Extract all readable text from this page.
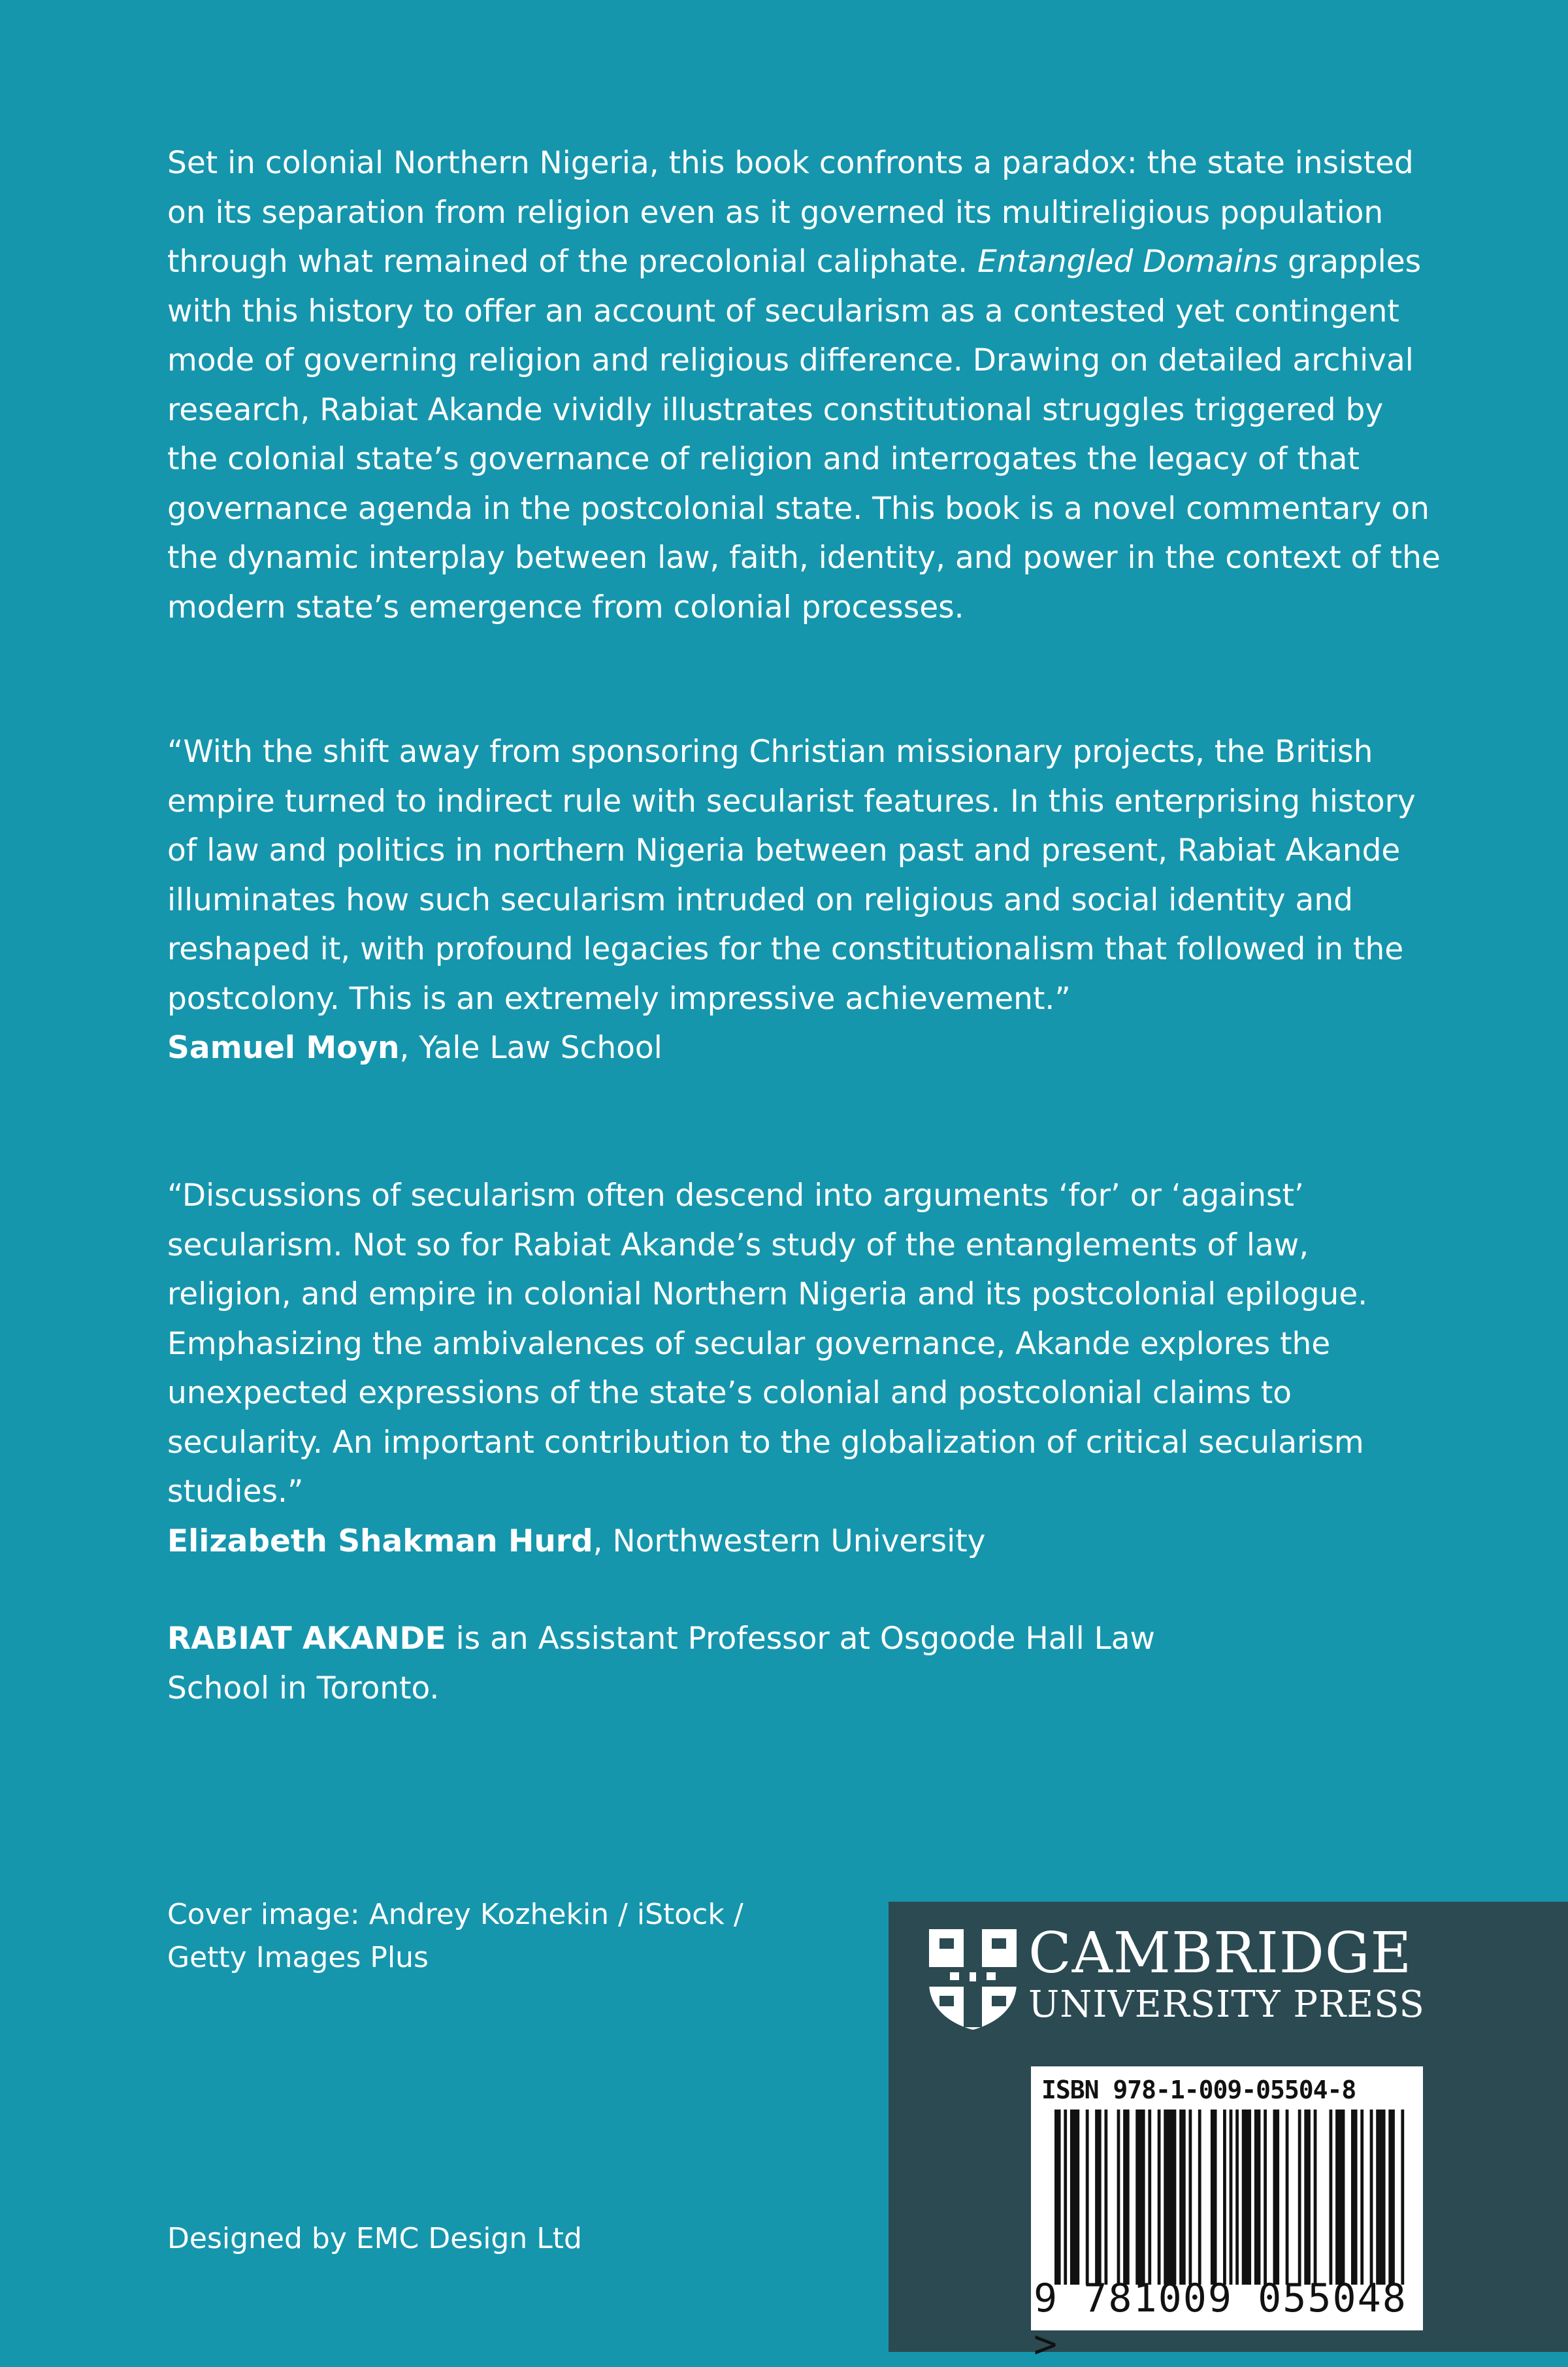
Set in colonial Northern Nigeria, this book confronts a paradox: the state insisted on its separation from religion even as it governed its multireligious population through what remained of the precolonial caliphate. Entangled Domains grapples with this history to offer an account of secularism as a contested yet contingent mode of governing religion and religious difference. Drawing on detailed archival research, Rabiat Akande vividly illustrates constitutional struggles triggered by the colonial state’s governance of religion and interrogates the legacy of that governance agenda in the postcolonial state. This book is a novel commentary on the dynamic interplay between law, faith, identity, and power in the context of the modern state’s emergence from colonial processes.

“With the shift away from sponsoring Christian missionary projects, the British empire turned to indirect rule with secularist features. In this enterprising history of law and politics in northern Nigeria between past and present, Rabiat Akande illuminates how such secularism intruded on religious and social identity and reshaped it, with profound legacies for the constitutionalism that followed in the postcolony. This is an extremely impressive achievement.”
Samuel Moyn, Yale Law School

“Discussions of secularism often descend into arguments ‘for’ or ‘against’ secularism. Not so for Rabiat Akande’s study of the entanglements of law, religion, and empire in colonial Northern Nigeria and its postcolonial epilogue. Emphasizing the ambivalences of secular governance, Akande explores the unexpected expressions of the state’s colonial and postcolonial claims to secularity. An important contribution to the globalization of critical secularism studies.”
Elizabeth Shakman Hurd, Northwestern University

RABIAT AKANDE is an Assistant Professor at Osgoode Hall Law School in Toronto.

Cover image: Andrey Kozhekin / iStock /
Getty Images Plus

Designed by EMC Design Ltd

CAMBRIDGE
UNIVERSITY PRESS
ISBN 978-1-009-05504-8
9 781009 055048 >
